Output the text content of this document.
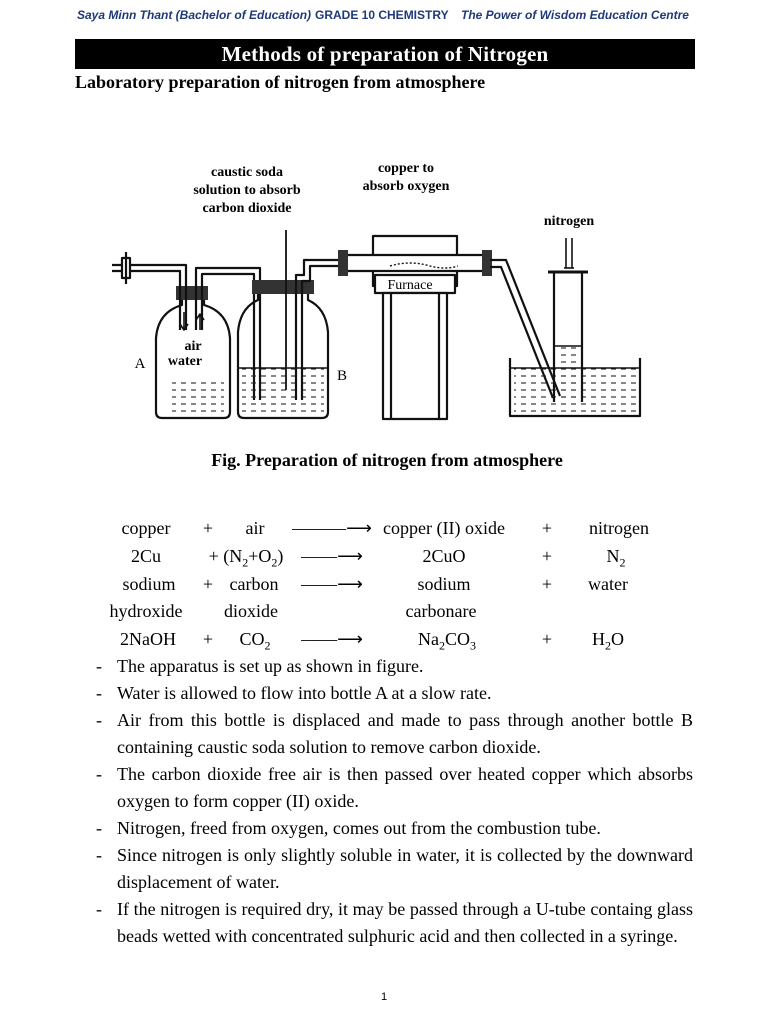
Saya Minn Thant (Bachelor of Education) GRADE 10 CHEMISTRY The Power of Wisdom Education Centre
Methods of preparation of Nitrogen
Laboratory preparation of nitrogen from atmosphere
caustic soda
solution to absorb
carbon dioxide
copper to
absorb oxygen
nitrogen
Furnace
air
water
A
B
Fig. Preparation of nitrogen from atmosphere
copper + air ———⟶ copper (II) oxide + nitrogen
2Cu	+ $(N_2+O_2)$ ——⟶	2CuO	+	$N_2$
sodium + carbon ——⟶	sodium	+ water
hydroxide dioxide	carbonare
2NaOH + $CO_2$ ——⟶	$Na_2CO_3$	+ $H_2O$
- The apparatus is set up as shown in figure.
- Water is allowed to flow into bottle A at a slow rate.
- Air from this bottle is displaced and made to pass through another bottle B containing caustic soda solution to remove carbon dioxide.
- The carbon dioxide free air is then passed over heated copper which absorbs oxygen to form copper (II) oxide.
- Nitrogen, freed from oxygen, comes out from the combustion tube.
- Since nitrogen is only slightly soluble in water, it is collected by the downward displacement of water.
- If the nitrogen is required dry, it may be passed through a U-tube containg glass beads wetted with concentrated sulphuric acid and then collected in a syringe.
1
